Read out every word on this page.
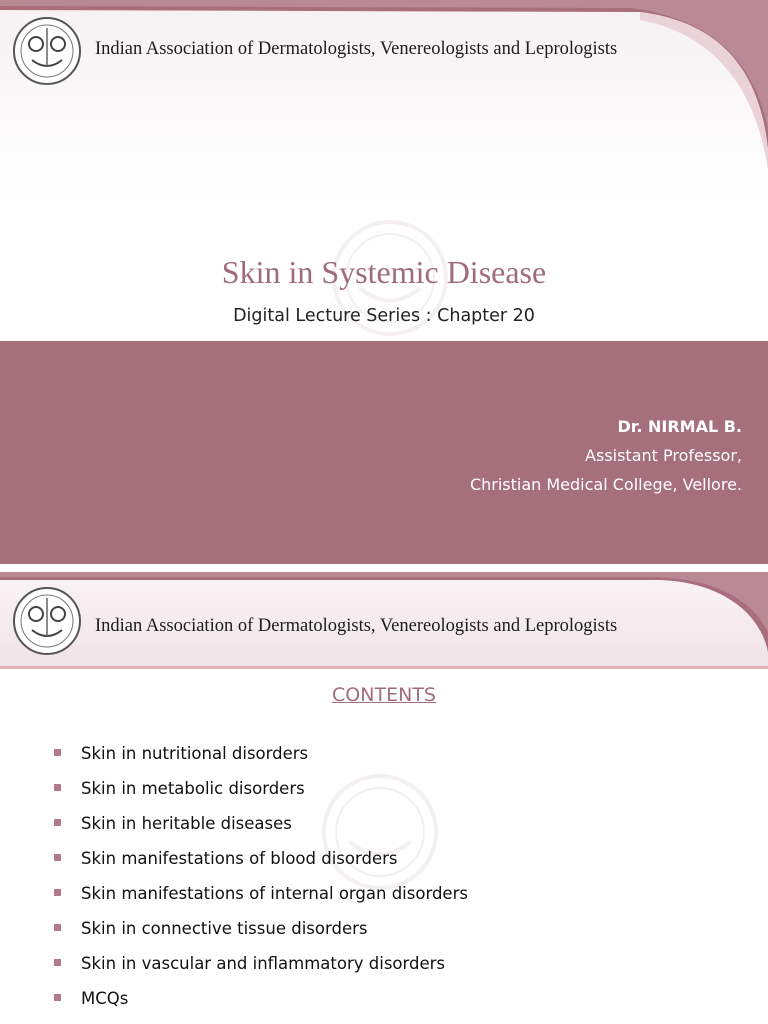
Indian Association of Dermatologists, Venereologists and Leprologists
Skin in Systemic Disease
Digital Lecture Series : Chapter 20
Dr. NIRMAL B.
Assistant Professor,
Christian Medical College, Vellore.
Indian Association of Dermatologists, Venereologists and Leprologists
CONTENTS
Skin in nutritional disorders
Skin in metabolic disorders
Skin in heritable diseases
Skin manifestations of blood disorders
Skin manifestations of internal organ disorders
Skin in connective tissue disorders
Skin in vascular and inflammatory disorders
MCQs
